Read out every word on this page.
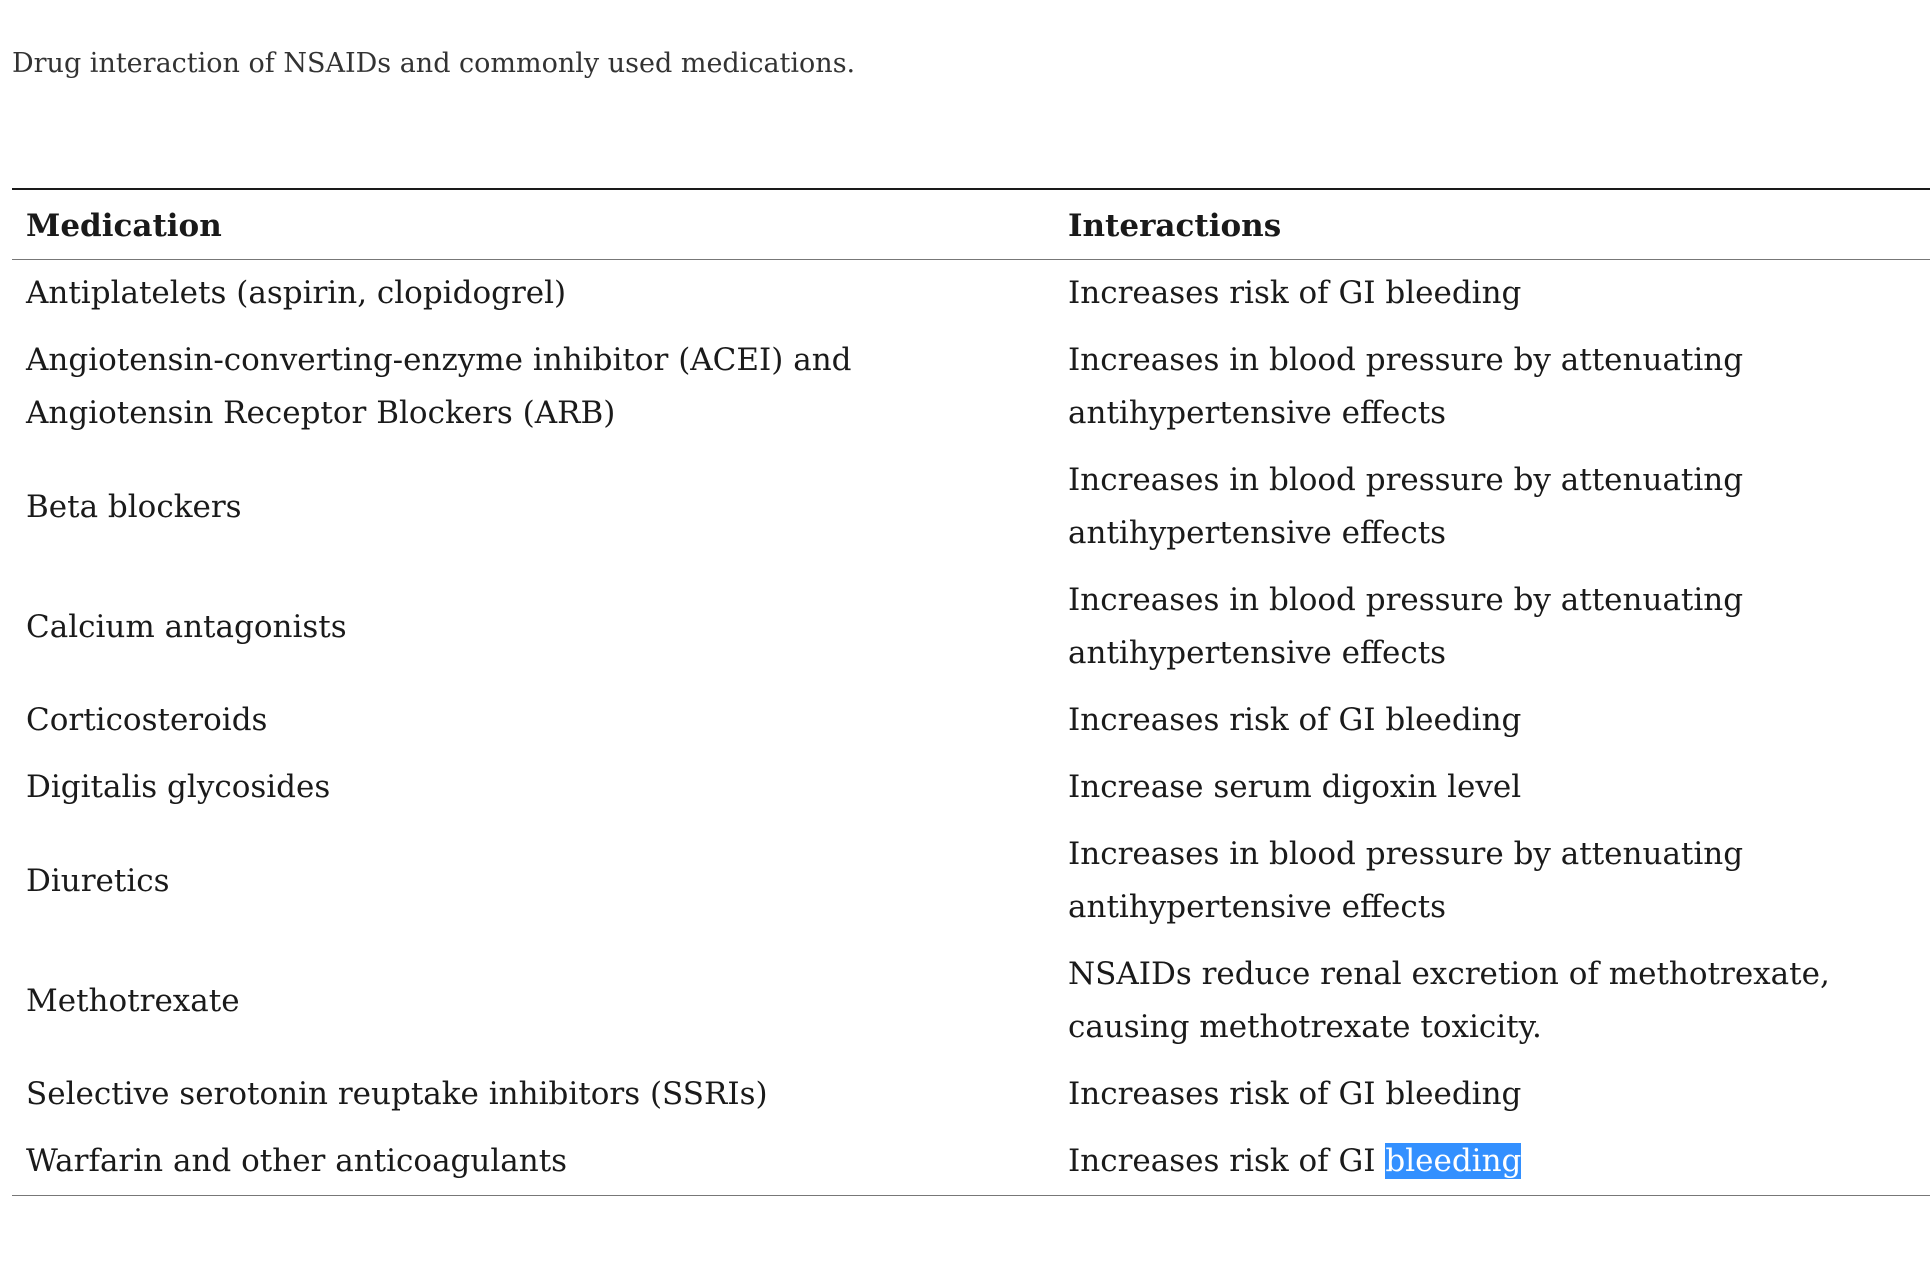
Drug interaction of NSAIDs and commonly used medications.

Medication	Interactions
Antiplatelets (aspirin, clopidogrel)	Increases risk of GI bleeding
Angiotensin-converting-enzyme inhibitor (ACEI) and Angiotensin Receptor Blockers (ARB)	Increases in blood pressure by attenuating antihypertensive effects
Beta blockers	Increases in blood pressure by attenuating antihypertensive effects
Calcium antagonists	Increases in blood pressure by attenuating antihypertensive effects
Corticosteroids	Increases risk of GI bleeding
Digitalis glycosides	Increase serum digoxin level
Diuretics	Increases in blood pressure by attenuating antihypertensive effects
Methotrexate	NSAIDs reduce renal excretion of methotrexate, causing methotrexate toxicity.
Selective serotonin reuptake inhibitors (SSRIs)	Increases risk of GI bleeding
Warfarin and other anticoagulants	Increases risk of GI bleeding
